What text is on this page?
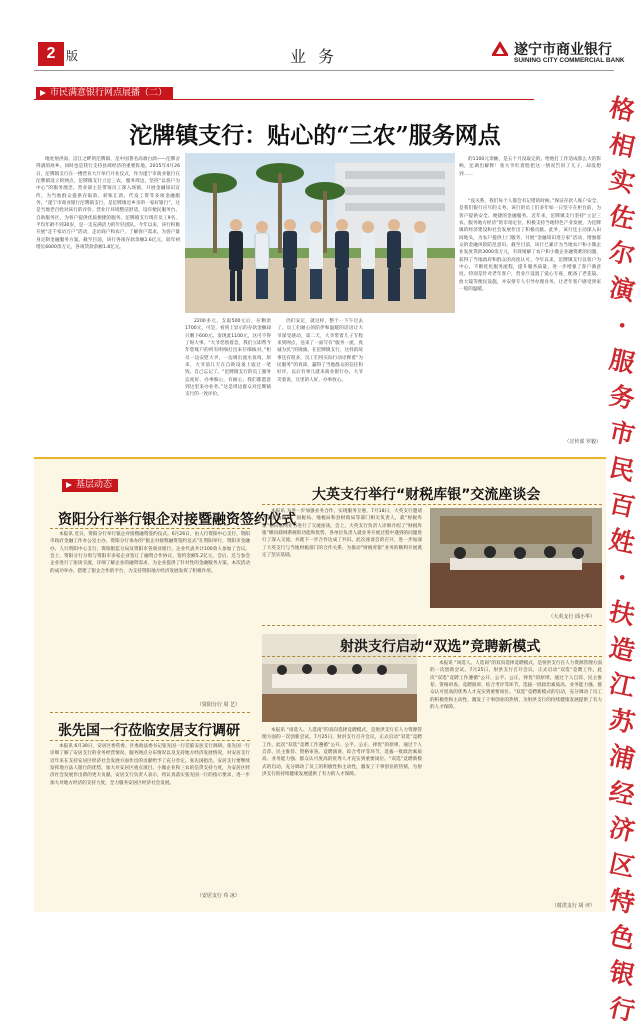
2 版	业务	遂宁市商业银行
SUINING CITY COMMERCIAL BANK
市民满意银行网点展播（二）
沱牌镇支行：贴心的“三农”服务网点
地处射洪南、涪江之畔的沱牌镇，是中国著名高端白酒——沱牌舍得酒的故乡。同时也是我行支持县域经济的重要阵地。2015年4月26日，沱牌镇支行在一楼营业大厅举行开业仪式，作为遂宁市商业银行在沱牌镇设立的网点，沱牌镇支行立足三农，服务周边，坚持“以客户为中心”的服务理念。营业部主任带领员工深入场镇，开展金融知识宣传，为当地群众提供存取款、转账汇款、代发工资等多项金融服务，“遂宁市商业银行沱牌镇支行，是沱牌镇近乡亲的一家好银行”，这是当地老百姓对该行的评价。营业厅环境整洁舒适，设有便民服务台、自助服务区，为客户提供优质便捷的服务。沱牌镇支行现有员工9名，平均年龄不到30岁，是一支充满活力的年轻团队。今年以来，该行积极开展“走千家访万户”活动，走访商户和农户，了解客户需求，为客户量身定制金融服务方案。截至目前，该行各项存款余额2.6亿元，较年初增长6000余万元，各项贷款余额1.8亿元。
2200多元，支取500元后，应剩余1700元，可是，看到上显示的存款金额却只剩下600元。发现此1100元，这可不得了呀大事。“大爷您别着急，我们立即帮今年您账户的所有明细打出来仔细核对。”柜员一边安慰大爷，一边调出流水查询。原来，大爷前几天在自助设备上取过一笔钱，自己忘记了。“沱牌镇支行的员工服务态度好，办事细心，有耐心，我们都愿意到这里来办业务。”这是周边群众对沱牌镇支行的一致评价。
仍们安定，就这样，整个一下午过去了。员工们耐心的陪伴和温暖的话语让大爷深受感动，第二天，大爷带着儿子专程来到网点，送来了一面写有“服务一流，真诚为民”的锦旗。在沱牌镇支行，这样的故事还有很多，员工们用实际行动诠释着“为民服务”的真谛，赢得了当地群众的信任和好评。以后有事儿就来商业银行办。大爷笑着说，这里的人好，办事放心。
的1100元余额，是五个月没取完的。给他打工作适成那么大的影响，还调出解释！张大爷红着脸把这一情况告诉了儿子，却没想到……
“没关系，我们每个人都会有记错的时候。”保证存款人账户安全，是我们银行应尽的义务。该行的员工们多年如一日坚守在柜台前，为客户提供安全、便捷的金融服务。近年来，沱牌镇支行坚持“立足三农，服务地方经济”的市场定位，积极支持当地特色产业发展，为沱牌镇的经济建设和社会发展作出了积极贡献。此外，该行还主动深入田间地头，为农户提供上门服务，开展“金融知识进万家”活动，增强群众的金融风险防范意识。截至目前，该行已累计为当地农户和小微企业发放贷款3000余万元，有效缓解了农户和小微企业融资难的问题，获得了当地政府和群众的高度认可。今年以来，沱牌镇支行以客户为中心，不断优化服务流程，提升服务质量，进一步增强了客户满意度。特别是针对老年客户，营业厅设置了爱心专座，配备了老花镜、放大镜等便民设施，并安排专人引导办理业务，让老年客户感受到家一般的温暖。
（宣传部 罗毅）
格
相
实
佐
尔
演
·
服
务
市
民
百
姓
·
扶
造
江
苏
浦
经
济
区
特
色
银
行
基层动态
资阳分行举行银企对接暨融资签约仪式
本报讯 近日，资阳分行举行银企对接暨融资签约仪式。6月26日，由人行资阳中心支行、资阳市政府金融工作办公室主办，资阳分行承办的“银企对接暨融资签约仪式”在资阳举行，资阳市金融办、人行资阳中心支行、资阳银监分局及资阳市各商业银行、企业代表共计100余人参加了会议。会上，资阳分行分别与资阳市多家企业签订了融资合作协议，签约金额5.2亿元，会后，还与参会企业进行了座谈交流，详细了解企业的融资需求，为企业提供了针对性的金融服务方案。本次活动的成功举办，搭建了银企合作的平台，为支持资阳地方经济发展发挥了积极作用。
（资阳分行 周 艺）
张先国一行莅临安居支行调研
本报讯 6月30日，安居区委常委、区委政法委书记张先国一行莅临安居支行调研。张先国一行详细了解了安居支行的业务经营情况、服务网点分布情况以及支持地方经济发展情况，对安居支行近年来在支持安居区经济社会发展方面作出的贡献给予了充分肯定。张先国指出，安居支行要继续发挥地方法人银行的优势，加大对安居区重点项目、小微企业和三农的信贷支持力度，为安居区经济社会发展作出新的更大贡献。安居支行负责人表示，将认真落实张先国一行的指示要求，进一步加大对地方经济的支持力度，全力服务安居区经济社会发展。
（安居支行 苟 冰）
大英支行举行“财税库银”交流座谈会
本报讯 为进一步加强业务合作，实现服务互惠，7月18日，大英支行邀请大英县地税局、国税局、地税局和县财政局等部门相关负责人，就“财税库银”横向联网业务进行了交流座谈。会上，大英支行负责人详细介绍了“财税库银”横向联网系统的功能和优势，各单位负责人就业务开展过程中遇到的问题进行了深入交流，并就下一步合作达成了共识。此次座谈会的召开，进一步加深了大英支行与当地财税部门的合作关系，为推动“财税库银”业务的顺利开展奠定了坚实基础。
（大英支行 邱小华）
射洪支行启动“双选”竞聘新模式
本报讯 “岗选人、人选岗”的双向选择竞聘模式，是射洪支行在人力资源管理方面的一次创新尝试。7月25日，射洪支行召开会议，正式启动“双选”竞聘工作。此次“双选”竞聘工作遵循“公开、公平、公正、择优”的原则，通过个人自荐、民主推荐、资格审查、竞聘演讲、综合考评等环节，选拔一批政治素质高、业务能力强、群众认可度高的优秀人才充实到重要岗位。“双选”竞聘新模式的启动，充分调动了员工的积极性和主动性，激发了干事创业的热情，为射洪支行的持续健康发展提供了有力的人才保障。
本报讯 “岗选人、人选岗”的双向选择竞聘模式，是射洪支行在人力资源管理方面的一次创新尝试。7月25日，射洪支行召开会议，正式启动“双选”竞聘工作。此次“双选”竞聘工作遵循“公开、公平、公正、择优”的原则，通过个人自荐、民主推荐、资格审查、竞聘演讲、综合考评等环节，选拔一批政治素质高、业务能力强、群众认可度高的优秀人才充实到重要岗位。“双选”竞聘新模式的启动，充分调动了员工的积极性和主动性，激发了干事创业的热情，为射洪支行的持续健康发展提供了有力的人才保障。
（射洪支行 胡 评）
